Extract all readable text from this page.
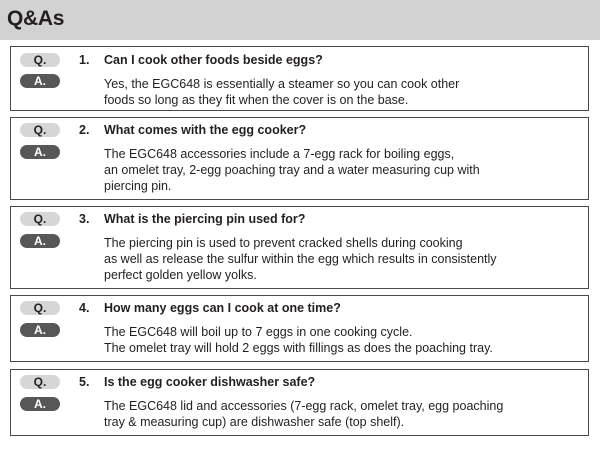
Q&As
Q.	1. Can I cook other foods beside eggs?
A.	Yes, the EGC648 is essentially a steamer so you can cook other
foods so long as they fit when the cover is on the base.
Q.	2. What comes with the egg cooker?
A.	The EGC648 accessories include a 7-egg rack for boiling eggs,
an omelet tray, 2-egg poaching tray and a water measuring cup with
piercing pin.
Q.	3. What is the piercing pin used for?
A.	The piercing pin is used to prevent cracked shells during cooking
as well as release the sulfur within the egg which results in consistently
perfect golden yellow yolks.
Q.	4. How many eggs can I cook at one time?
A.	The EGC648 will boil up to 7 eggs in one cooking cycle.
The omelet tray will hold 2 eggs with fillings as does the poaching tray.
Q.	5. Is the egg cooker dishwasher safe?
A.	The EGC648 lid and accessories (7-egg rack, omelet tray, egg poaching
tray & measuring cup) are dishwasher safe (top shelf).
